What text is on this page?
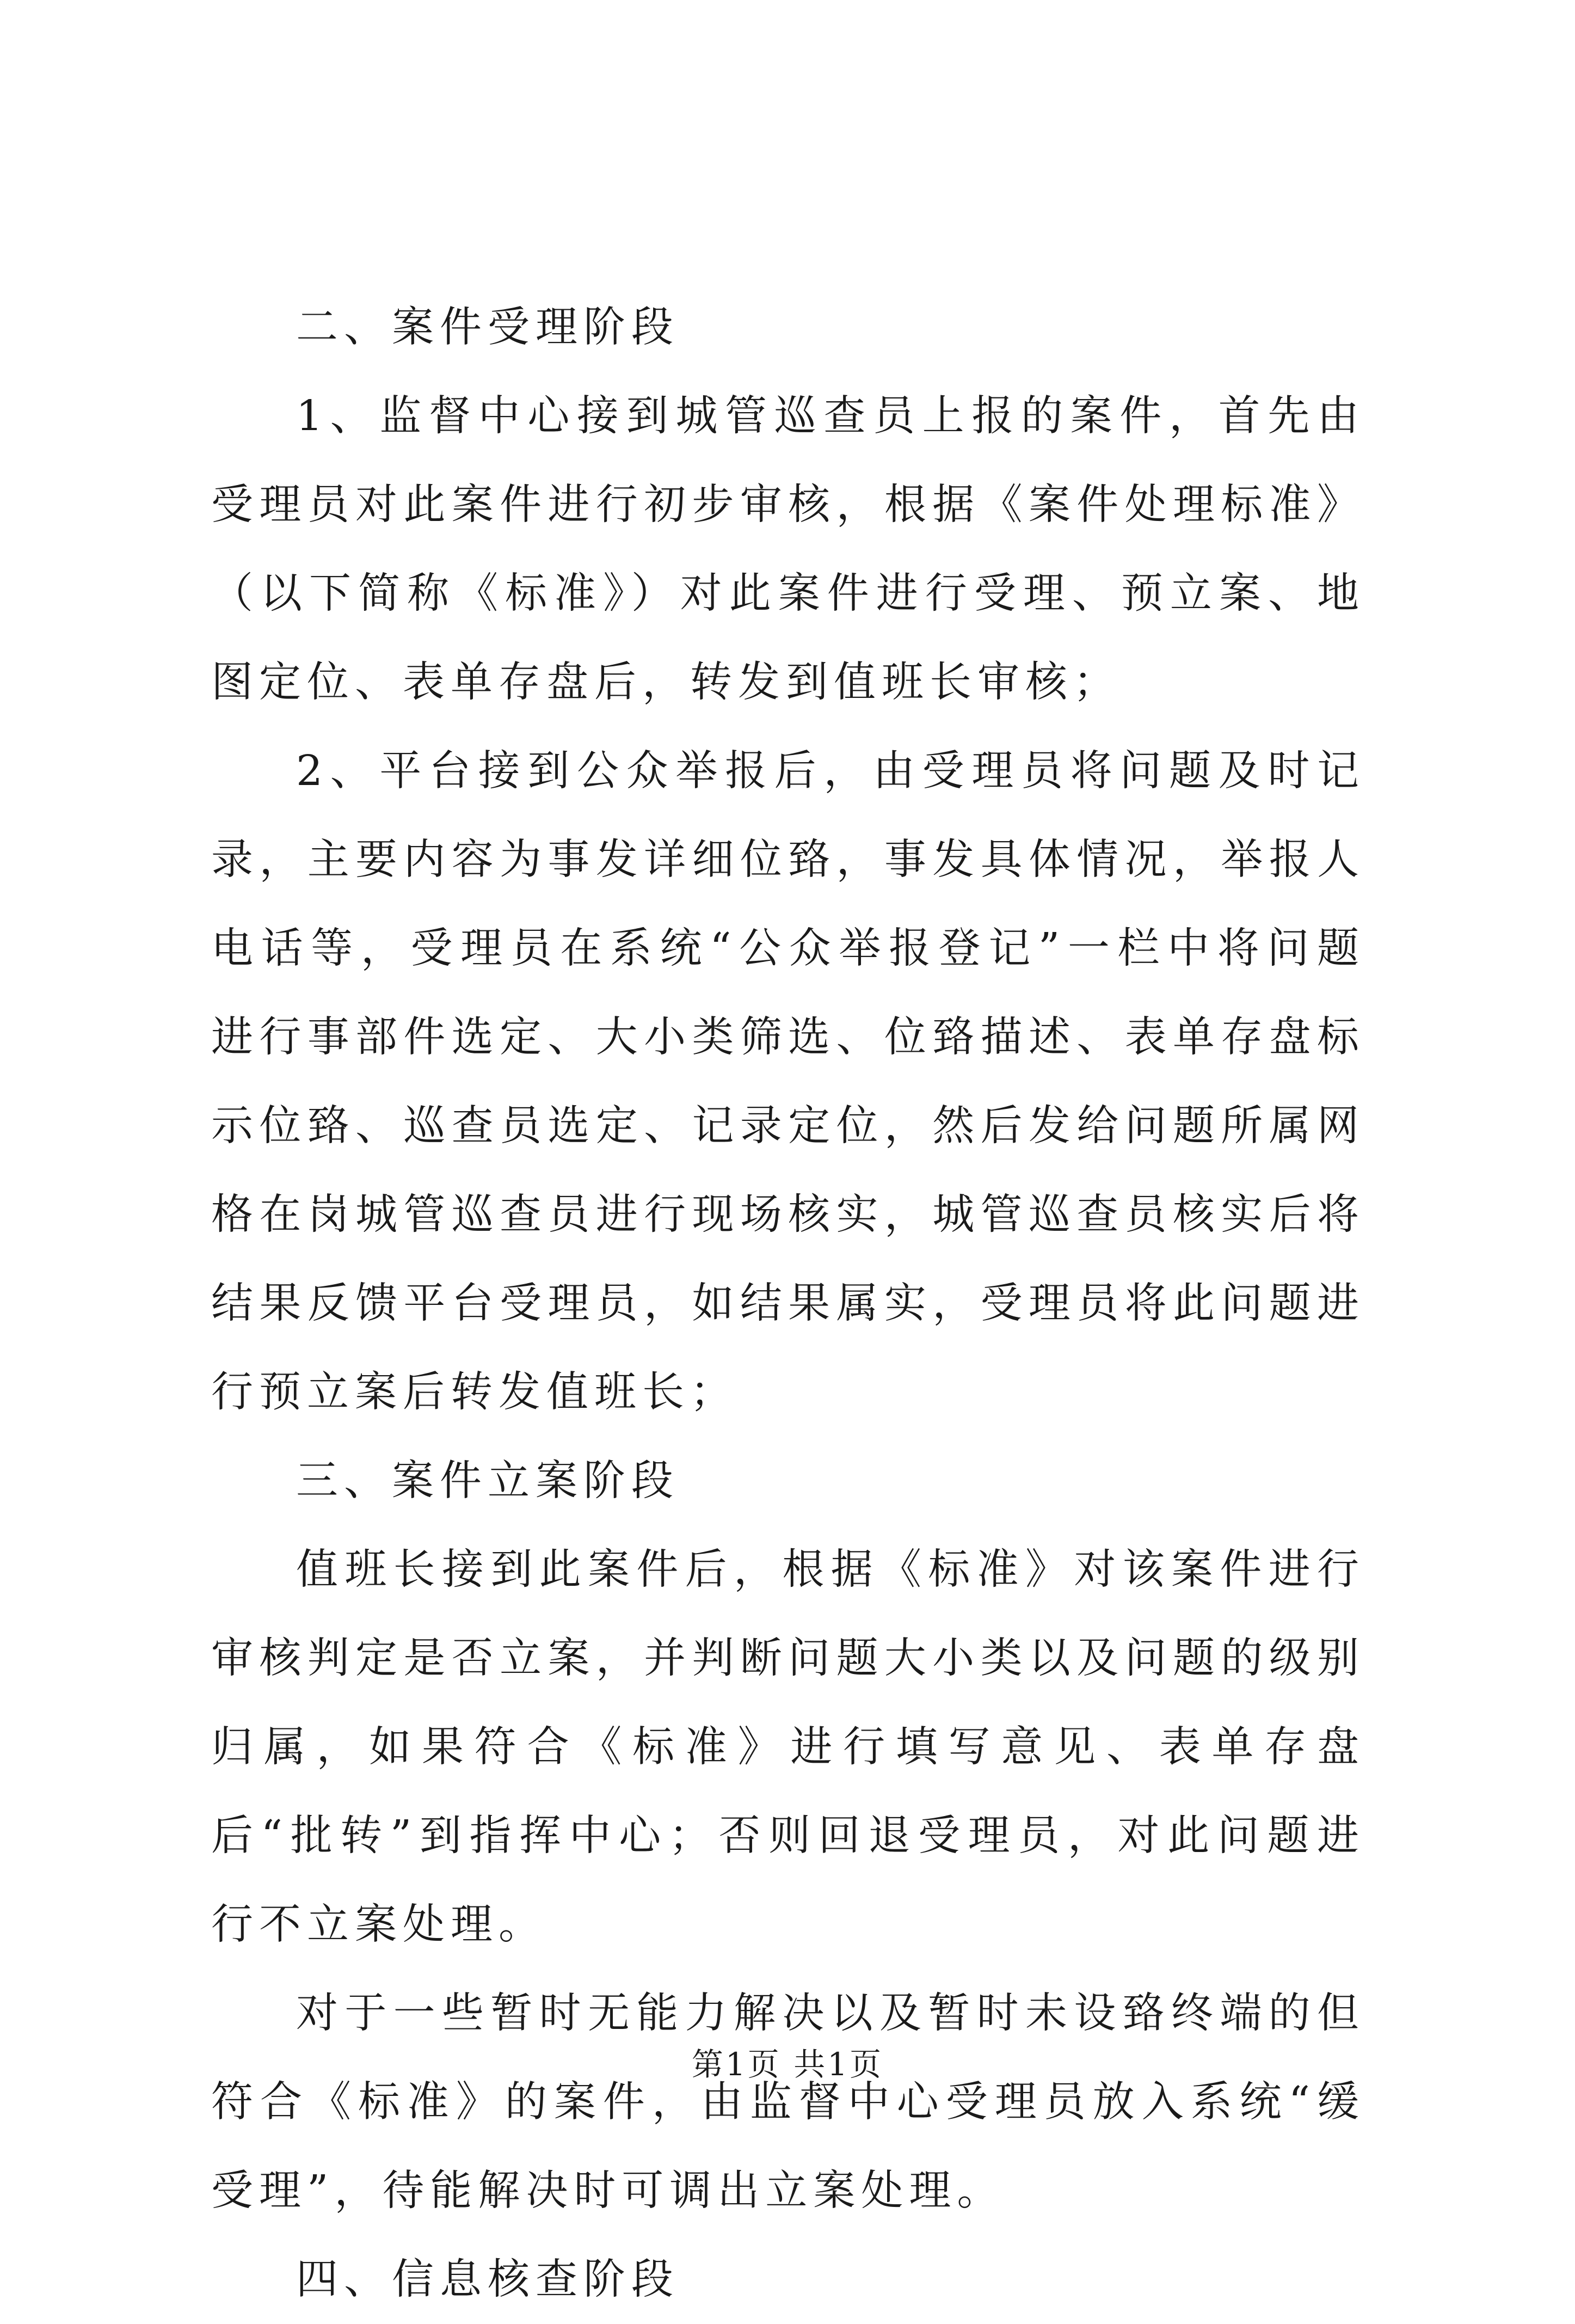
二、案件受理阶段

1、监督中心接到城管巡查员上报的案件，首先由受理员对此案件进行初步审核，根据《案件处理标准》（以下简称《标准》）对此案件进行受理、预立案、地图定位、表单存盘后，转发到值班长审核；

2、平台接到公众举报后，由受理员将问题及时记录，主要内容为事发详细位臵，事发具体情况，举报人电话等，受理员在系统“公众举报登记”一栏中将问题进行事部件选定、大小类筛选、位臵描述、表单存盘标示位臵、巡查员选定、记录定位，然后发给问题所属网格在岗城管巡查员进行现场核实，城管巡查员核实后将结果反馈平台受理员，如结果属实，受理员将此问题进行预立案后转发值班长；

三、案件立案阶段

值班长接到此案件后，根据《标准》对该案件进行审核判定是否立案，并判断问题大小类以及问题的级别归属，如果符合《标准》进行填写意见、表单存盘后“批转”到指挥中心；否则回退受理员，对此问题进行不立案处理。

对于一些暂时无能力解决以及暂时未设臵终端的但符合《标准》的案件，由监督中心受理员放入系统“缓受理”，待能解决时可调出立案处理。

四、信息核查阶段

第1页 共1页
